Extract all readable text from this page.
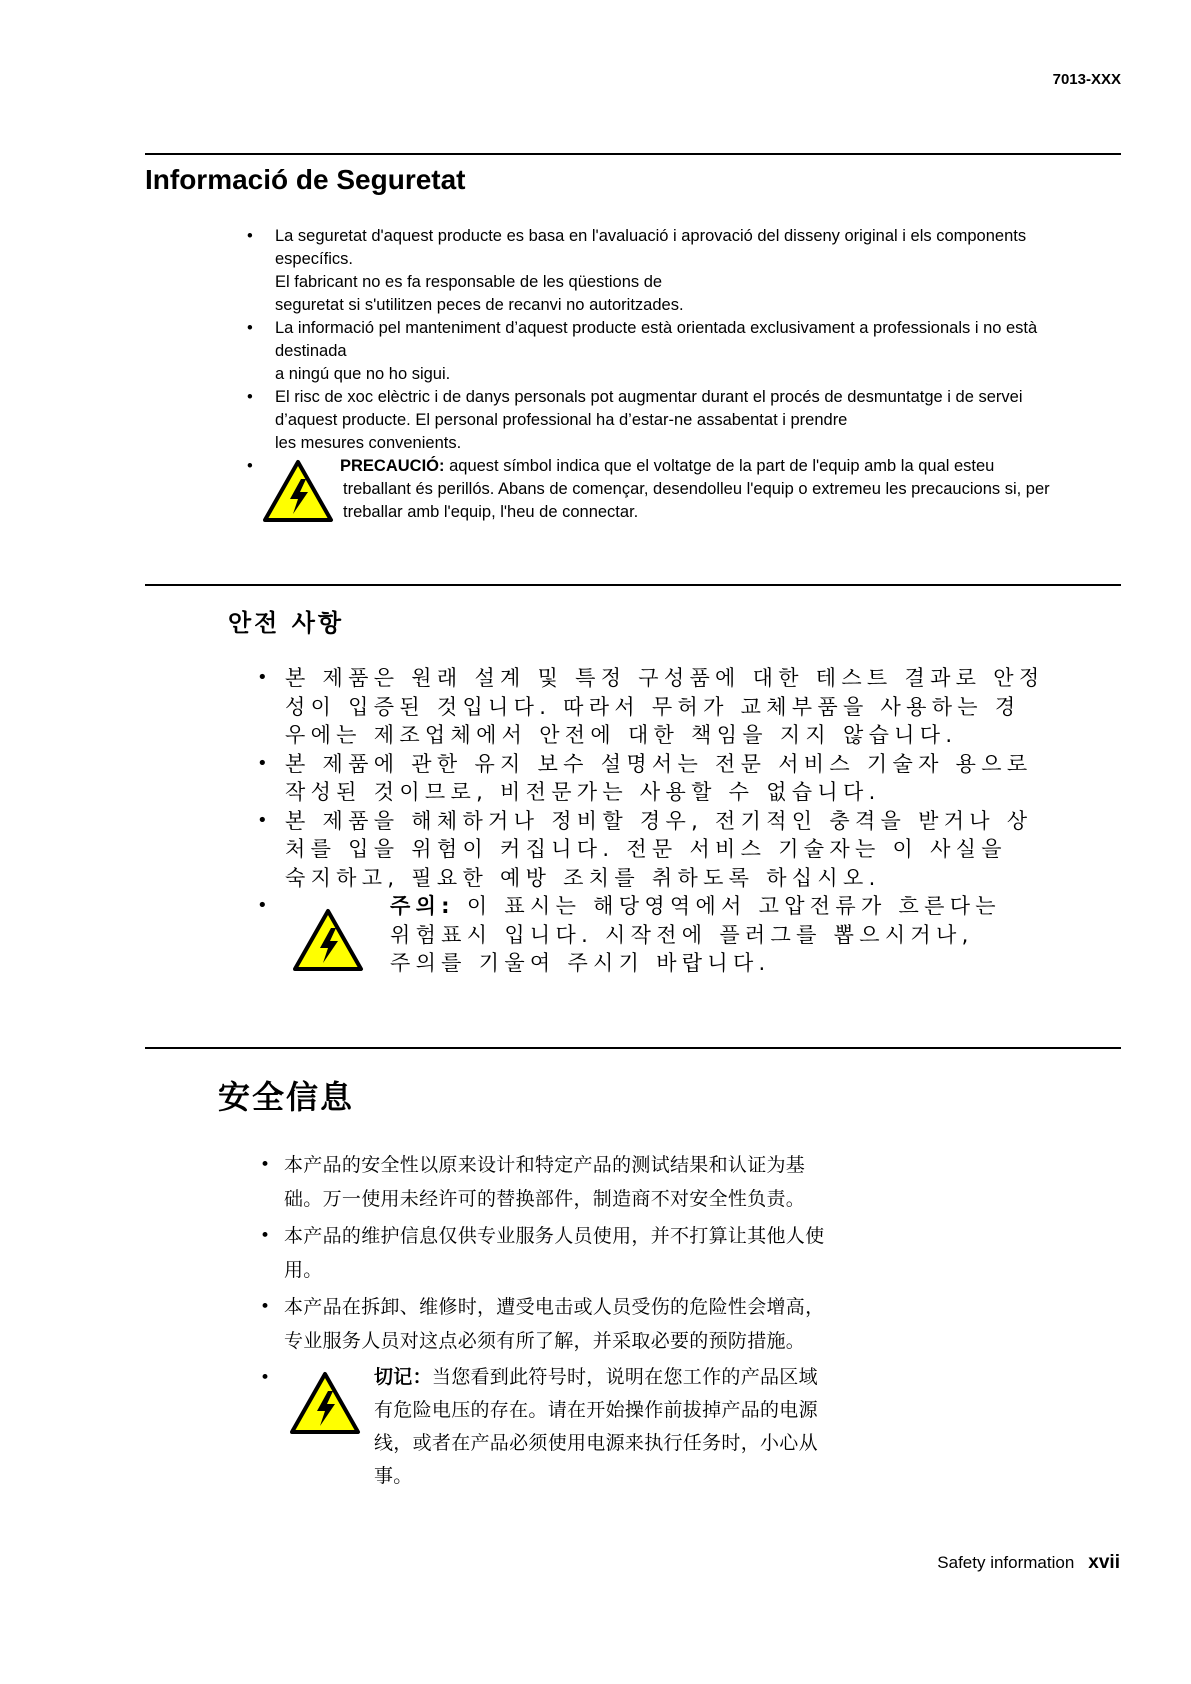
7013-XXX
Informació de Seguretat
• La seguretat d'aquest producte es basa en l'avaluació i aprovació del disseny original i els components
específics.
El fabricant no es fa responsable de les qüestions de
seguretat si s'utilitzen peces de recanvi no autoritzades.
• La informació pel manteniment d’aquest producte està orientada exclusivament a professionals i no està
destinada
a ningú que no ho sigui.
• El risc de xoc elèctric i de danys personals pot augmentar durant el procés de desmuntatge i de servei
d’aquest producte. El personal professional ha d’estar-ne assabentat i prendre
les mesures convenients.
•	PRECAUCIÓ: aquest símbol indica que el voltatge de la part de l'equip amb la qual esteu
treballant és perillós. Abans de començar, desendolleu l'equip o extremeu les precaucions si, per
treballar amb l'equip, l'heu de connectar.
안전 사항
• 본 제품은 원래 설계 및 특정 구성품에 대한 테스트 결과로 안정
성이 입증된 것입니다. 따라서 무허가 교체부품을 사용하는 경
우에는 제조업체에서 안전에 대한 책임을 지지 않습니다.
• 본 제품에 관한 유지 보수 설명서는 전문 서비스 기술자 용으로
작성된 것이므로, 비전문가는 사용할 수 없습니다.
• 본 제품을 해체하거나 정비할 경우, 전기적인 충격을 받거나 상
처를 입을 위험이 커집니다. 전문 서비스 기술자는 이 사실을
숙지하고, 필요한 예방 조치를 취하도록 하십시오.
•	주의: 이 표시는 해당영역에서 고압전류가 흐른다는
위험표시 입니다. 시작전에 플러그를 뽑으시거나,
주의를 기울여 주시기 바랍니다.
安全信息
• 本产品的安全性以原来设计和特定产品的测试结果和认证为基
础。万一使用未经许可的替换部件，制造商不对安全性负责。
• 本产品的维护信息仅供专业服务人员使用，并不打算让其他人使
用。
• 本产品在拆卸、维修时，遭受电击或人员受伤的危险性会增高，
专业服务人员对这点必须有所了解，并采取必要的预防措施。
•	切记：当您看到此符号时，说明在您工作的产品区域
有危险电压的存在。请在开始操作前拔掉产品的电源
线，或者在产品必须使用电源来执行任务时，小心从
事。
Safety information xvii
